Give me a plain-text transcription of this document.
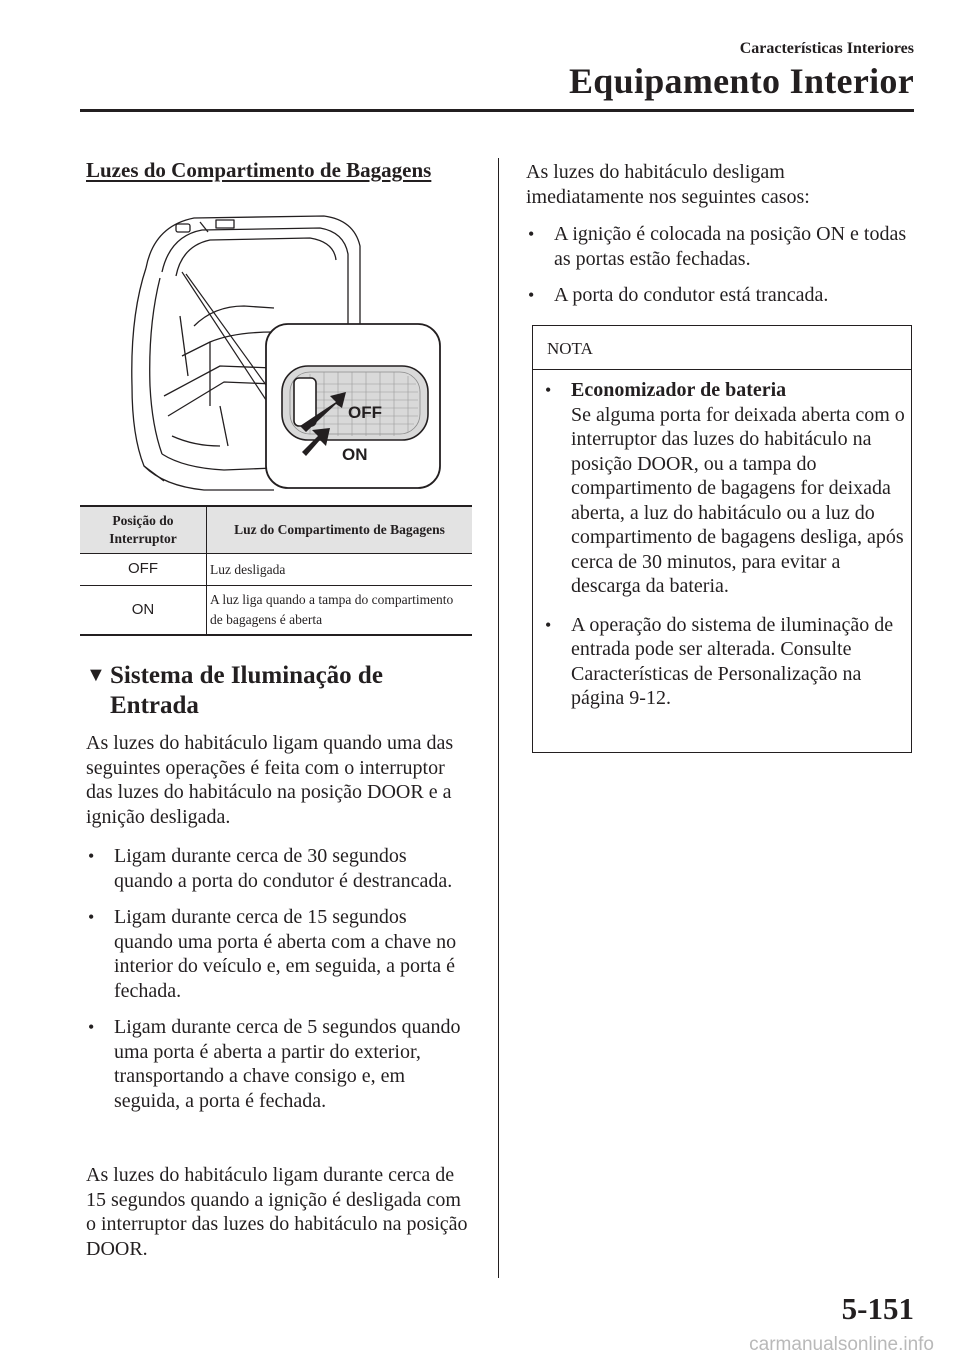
Características Interiores
Equipamento Interior
Luzes do Compartimento de Bagagens
OFF
ON
Posição do Interruptor	Luz do Compartimento de Bagagens
OFF	Luz desligada
ON	A luz liga quando a tampa do compartimento de bagagens é aberta
▼ Sistema de Iluminação de
Entrada
As luzes do habitáculo ligam quando uma das seguintes operações é feita com o interruptor das luzes do habitáculo na posição DOOR e a ignição desligada.
• Ligam durante cerca de 30 segundos quando a porta do condutor é destrancada.
• Ligam durante cerca de 15 segundos quando uma porta é aberta com a chave no interior do veículo e, em seguida, a porta é fechada.
• Ligam durante cerca de 5 segundos quando uma porta é aberta a partir do exterior, transportando a chave consigo e, em seguida, a porta é fechada.
As luzes do habitáculo ligam durante cerca de 15 segundos quando a ignição é desligada com o interruptor das luzes do habitáculo na posição DOOR.
As luzes do habitáculo desligam imediatamente nos seguintes casos:
• A ignição é colocada na posição ON e todas as portas estão fechadas.
• A porta do condutor está trancada.
NOTA
• Economizador de bateria
Se alguma porta for deixada aberta com o interruptor das luzes do habitáculo na posição DOOR, ou a tampa do compartimento de bagagens for deixada aberta, a luz do habitáculo ou a luz do compartimento de bagagens desliga, após cerca de 30 minutos, para evitar a descarga da bateria.
• A operação do sistema de iluminação de entrada pode ser alterada. Consulte Características de Personalização na página 9-12.
5-151
carmanualsonline.info
